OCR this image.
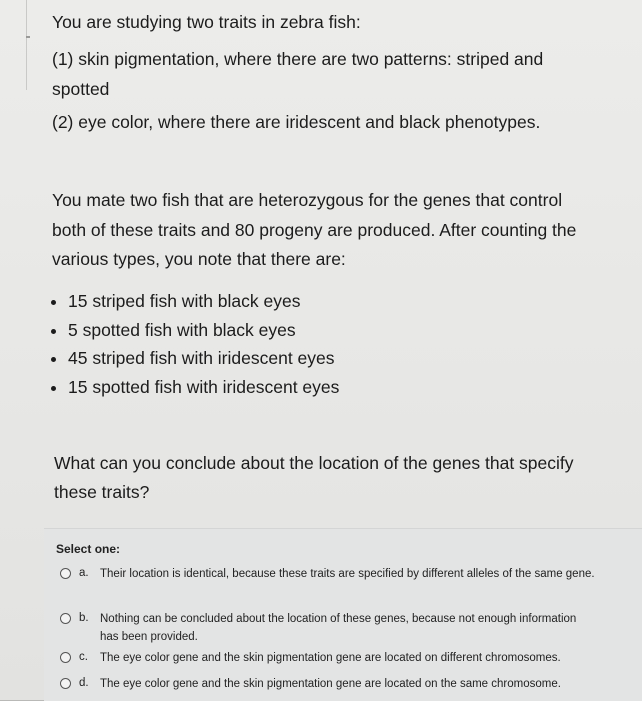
You are studying two traits in zebra fish:
(1) skin pigmentation, where there are two patterns: striped and spotted
(2) eye color, where there are iridescent and black phenotypes.
You mate two fish that are heterozygous for the genes that control both of these traits and 80 progeny are produced. After counting the various types, you note that there are:
• 15 striped fish with black eyes
• 5 spotted fish with black eyes
• 45 striped fish with iridescent eyes
• 15 spotted fish with iridescent eyes
What can you conclude about the location of the genes that specify these traits?
Select one:
a. Their location is identical, because these traits are specified by different alleles of the same gene.
b. Nothing can be concluded about the location of these genes, because not enough information has been provided.
c. The eye color gene and the skin pigmentation gene are located on different chromosomes.
d. The eye color gene and the skin pigmentation gene are located on the same chromosome.
